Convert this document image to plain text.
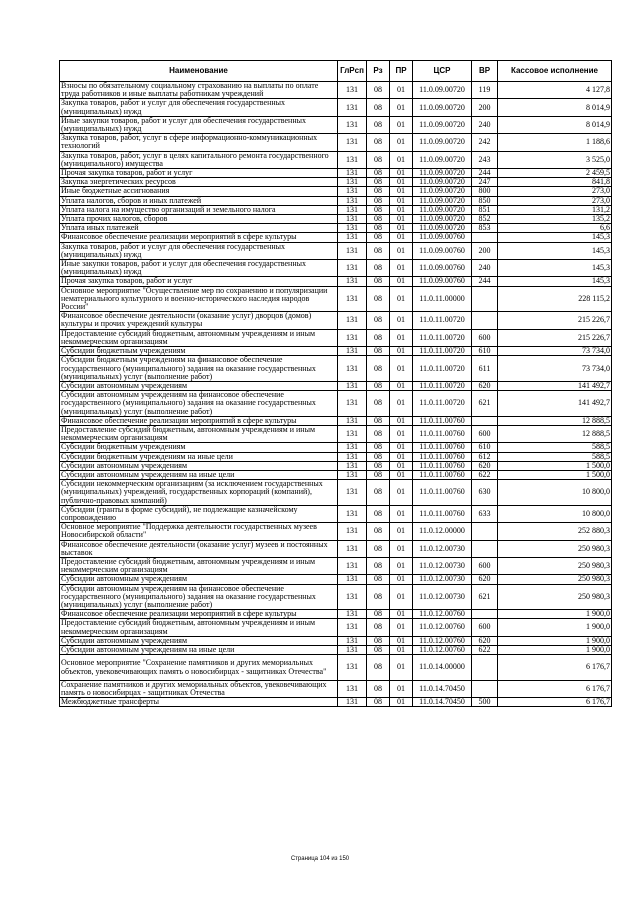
Наименование	ГлРсп	Рз	ПР	ЦСР	ВР	Кассовое исполнение
Взносы по обязательному социальному страхованию на выплаты по оплате труда работников и иные выплаты работникам учреждений	131	08	01	11.0.09.00720	119	4 127,8
Закупка товаров, работ и услуг для обеспечения государственных (муниципальных) нужд	131	08	01	11.0.09.00720	200	8 014,9
Иные закупки товаров, работ и услуг для обеспечения государственных (муниципальных) нужд	131	08	01	11.0.09.00720	240	8 014,9
Закупка товаров, работ, услуг в сфере информационно-коммуникационных технологий	131	08	01	11.0.09.00720	242	1 188,6
Закупка товаров, работ, услуг в целях капитального ремонта государственного (муниципального) имущества	131	08	01	11.0.09.00720	243	3 525,0
Прочая закупка товаров, работ и услуг	131	08	01	11.0.09.00720	244	2 459,5
Закупка энергетических ресурсов	131	08	01	11.0.09.00720	247	841,8
Иные бюджетные ассигнования	131	08	01	11.0.09.00720	800	273,0
Уплата налогов, сборов и иных платежей	131	08	01	11.0.09.00720	850	273,0
Уплата налога на имущество организаций и земельного налога	131	08	01	11.0.09.00720	851	131,2
Уплата прочих налогов, сборов	131	08	01	11.0.09.00720	852	135,2
Уплата иных платежей	131	08	01	11.0.09.00720	853	6,6
Финансовое обеспечение реализации мероприятий в сфере культуры	131	08	01	11.0.09.00760		145,3
Закупка товаров, работ и услуг для обеспечения государственных (муниципальных) нужд	131	08	01	11.0.09.00760	200	145,3
Иные закупки товаров, работ и услуг для обеспечения государственных (муниципальных) нужд	131	08	01	11.0.09.00760	240	145,3
Прочая закупка товаров, работ и услуг	131	08	01	11.0.09.00760	244	145,3
Основное мероприятие "Осуществление мер по сохранению и популяризации нематериального культурного и военно-исторического наследия народов России"	131	08	01	11.0.11.00000		228 115,2
Финансовое обеспечение деятельности (оказание услуг) дворцов (домов) культуры и прочих учреждений культуры	131	08	01	11.0.11.00720		215 226,7
Предоставление субсидий бюджетным, автономным учреждениям и иным некоммерческим организациям	131	08	01	11.0.11.00720	600	215 226,7
Субсидии бюджетным учреждениям	131	08	01	11.0.11.00720	610	73 734,0
Субсидии бюджетным учреждениям на финансовое обеспечение государственного (муниципального) задания на оказание государственных (муниципальных) услуг (выполнение работ)	131	08	01	11.0.11.00720	611	73 734,0
Субсидии автономным учреждениям	131	08	01	11.0.11.00720	620	141 492,7
Субсидии автономным учреждениям на финансовое обеспечение государственного (муниципального) задания на оказание государственных (муниципальных) услуг (выполнение работ)	131	08	01	11.0.11.00720	621	141 492,7
Финансовое обеспечение реализации мероприятий в сфере культуры	131	08	01	11.0.11.00760		12 888,5
Предоставление субсидий бюджетным, автономным учреждениям и иным некоммерческим организациям	131	08	01	11.0.11.00760	600	12 888,5
Субсидии бюджетным учреждениям	131	08	01	11.0.11.00760	610	588,5
Субсидии бюджетным учреждениям на иные цели	131	08	01	11.0.11.00760	612	588,5
Субсидии автономным учреждениям	131	08	01	11.0.11.00760	620	1 500,0
Субсидии автономным учреждениям на иные цели	131	08	01	11.0.11.00760	622	1 500,0
Субсидии некоммерческим организациям (за исключением государственных (муниципальных) учреждений, государственных корпораций (компаний), публично-правовых компаний)	131	08	01	11.0.11.00760	630	10 800,0
Субсидии (гранты в форме субсидий), не подлежащие казначейскому сопровождению	131	08	01	11.0.11.00760	633	10 800,0
Основное мероприятие "Поддержка деятельности государственных музеев Новосибирской области"	131	08	01	11.0.12.00000		252 880,3
Финансовое обеспечение деятельности (оказание услуг) музеев и постоянных выставок	131	08	01	11.0.12.00730		250 980,3
Предоставление субсидий бюджетным, автономным учреждениям и иным некоммерческим организациям	131	08	01	11.0.12.00730	600	250 980,3
Субсидии автономным учреждениям	131	08	01	11.0.12.00730	620	250 980,3
Субсидии автономным учреждениям на финансовое обеспечение государственного (муниципального) задания на оказание государственных (муниципальных) услуг (выполнение работ)	131	08	01	11.0.12.00730	621	250 980,3
Финансовое обеспечение реализации мероприятий в сфере культуры	131	08	01	11.0.12.00760		1 900,0
Предоставление субсидий бюджетным, автономным учреждениям и иным некоммерческим организациям	131	08	01	11.0.12.00760	600	1 900,0
Субсидии автономным учреждениям	131	08	01	11.0.12.00760	620	1 900,0
Субсидии автономным учреждениям на иные цели	131	08	01	11.0.12.00760	622	1 900,0
Основное мероприятие "Сохранение памятников и других мемориальных объектов, увековечивающих память о новосибирцах - защитниках Отечества"	131	08	01	11.0.14.00000		6 176,7
Сохранение памятников и других мемориальных объектов, увековечивающих память о новосибирцах - защитниках Отечества	131	08	01	11.0.14.70450		6 176,7
Межбюджетные трансферты	131	08	01	11.0.14.70450	500	6 176,7
Страница 104 из 150
